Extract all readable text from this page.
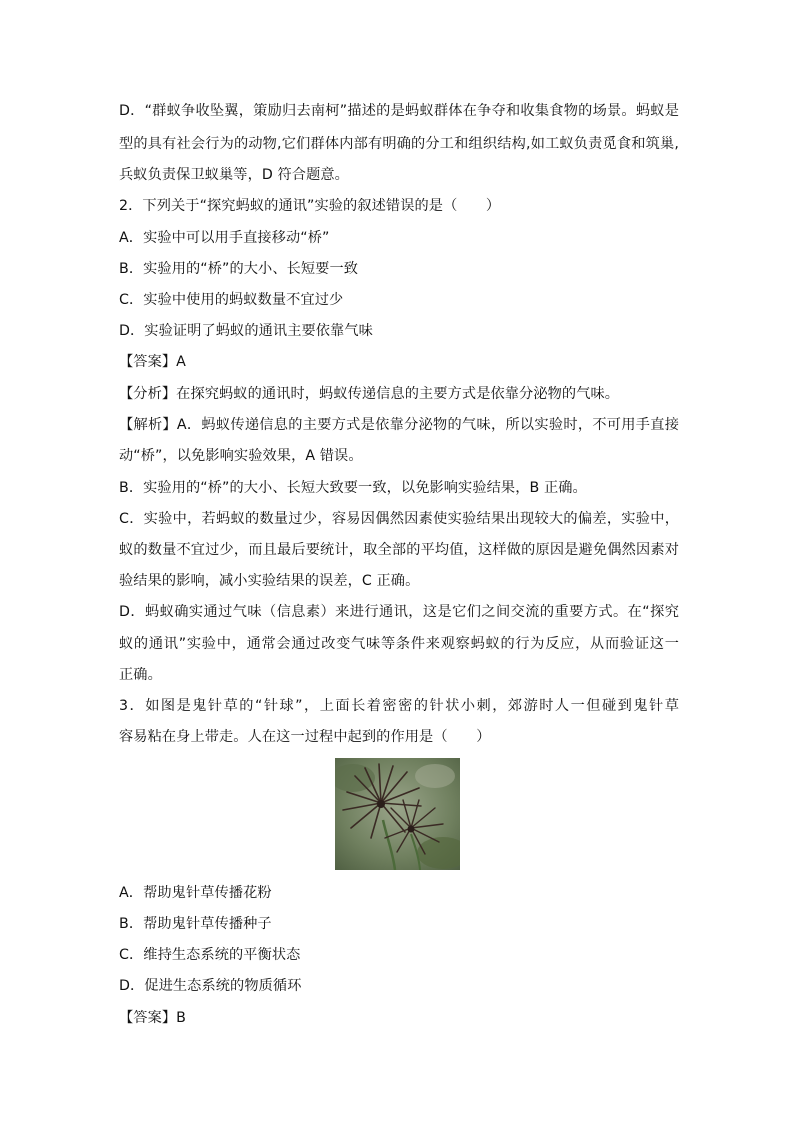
D．“群蚁争收坠翼，策励归去南柯”描述的是蚂蚁群体在争夺和收集食物的场景。蚂蚁是
型的具有社会行为的动物,它们群体内部有明确的分工和组织结构,如工蚁负责觅食和筑巢,
兵蚁负责保卫蚁巢等，D 符合题意。
2．下列关于“探究蚂蚁的通讯”实验的叙述错误的是（　　）
A．实验中可以用手直接移动“桥”
B．实验用的“桥”的大小、长短要一致
C．实验中使用的蚂蚁数量不宜过少
D．实验证明了蚂蚁的通讯主要依靠气味
【答案】A
【分析】在探究蚂蚁的通讯时，蚂蚁传递信息的主要方式是依靠分泌物的气味。
【解析】A．蚂蚁传递信息的主要方式是依靠分泌物的气味，所以实验时，不可用手直接
动“桥”，以免影响实验效果，A 错误。
B．实验用的“桥”的大小、长短大致要一致，以免影响实验结果，B 正确。
C．实验中，若蚂蚁的数量过少，容易因偶然因素使实验结果出现较大的偏差，实验中，
蚁的数量不宜过少，而且最后要统计，取全部的平均值，这样做的原因是避免偶然因素对
验结果的影响，减小实验结果的误差，C 正确。
D．蚂蚁确实通过气味（信息素）来进行通讯，这是它们之间交流的重要方式。在“探究
蚁的通讯”实验中，通常会通过改变气味等条件来观察蚂蚁的行为反应，从而验证这一
正确。
3．如图是鬼针草的“针球”，上面长着密密的针状小刺，郊游时人一但碰到鬼针草
容易粘在身上带走。人在这一过程中起到的作用是（　　）
A．帮助鬼针草传播花粉
B．帮助鬼针草传播种子
C．维持生态系统的平衡状态
D．促进生态系统的物质循环
【答案】B
